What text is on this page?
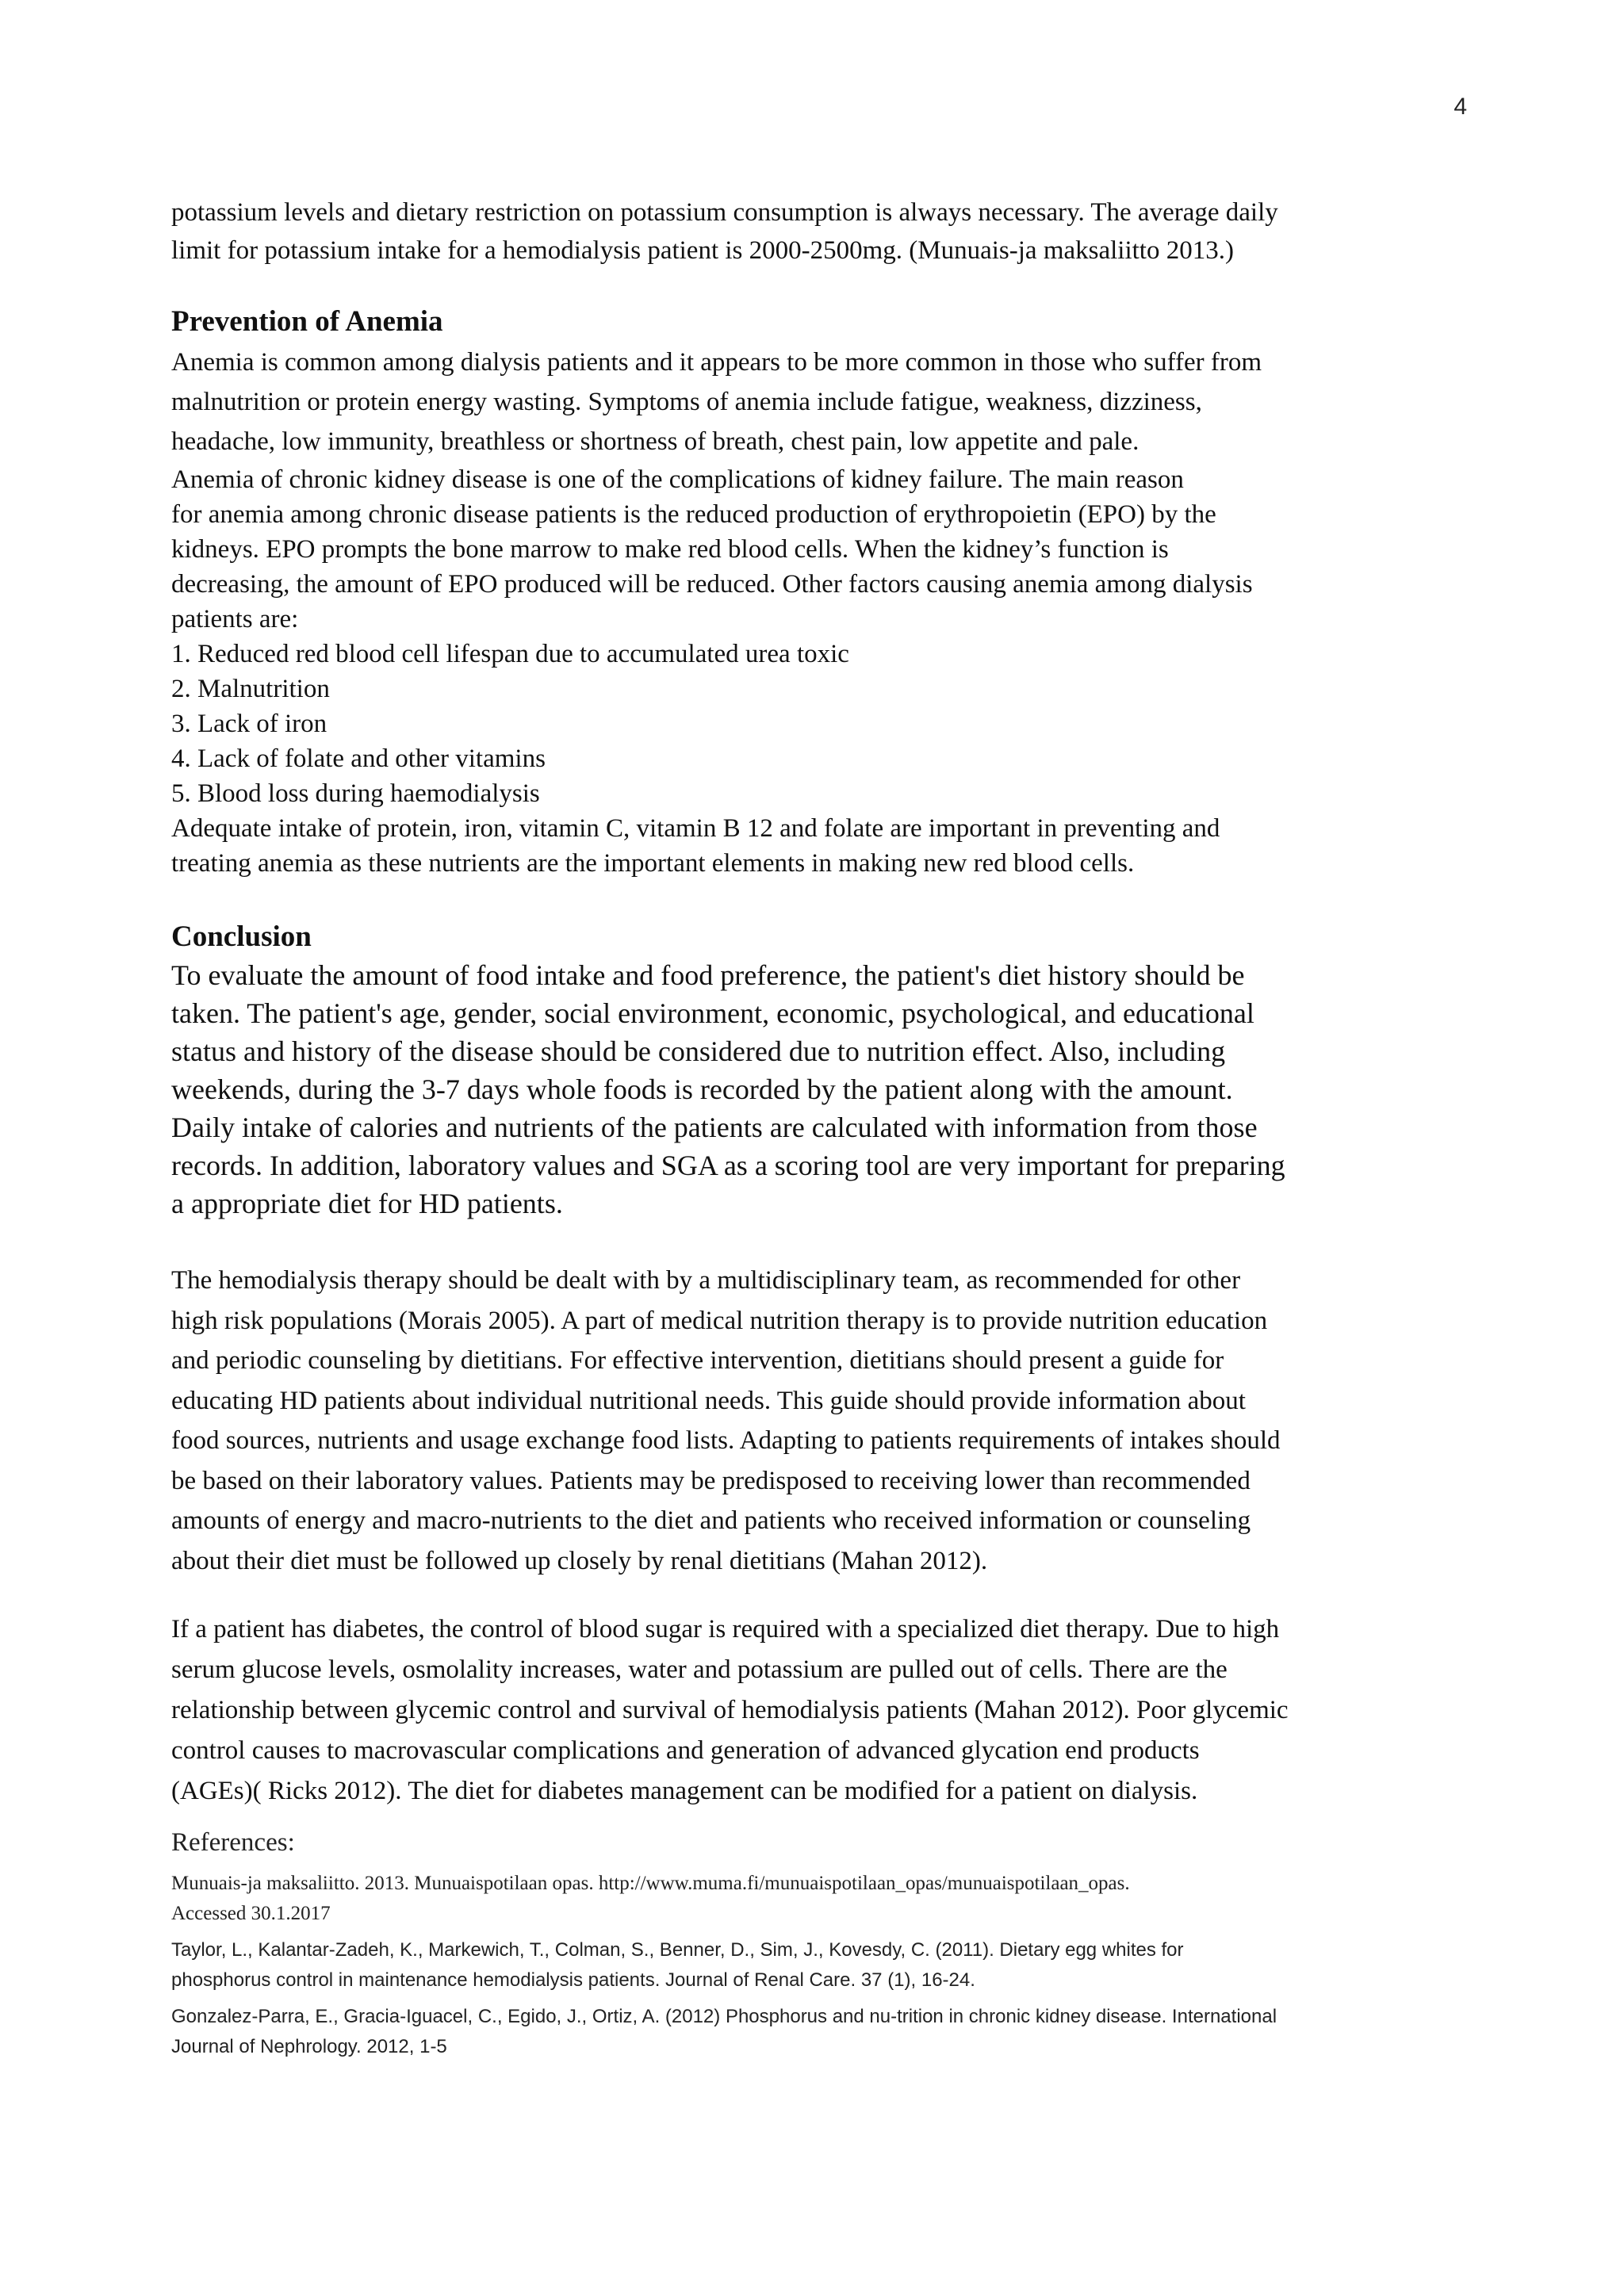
4
potassium levels and dietary restriction on potassium consumption is always necessary. The average daily
limit for potassium intake for a hemodialysis patient is 2000-2500mg. (Munuais-ja maksaliitto 2013.)
Prevention of Anemia
Anemia is common among dialysis patients and it appears to be more common in those who suffer from
malnutrition or protein energy wasting. Symptoms of anemia include fatigue, weakness, dizziness,
headache, low immunity, breathless or shortness of breath, chest pain, low appetite and pale.
Anemia of chronic kidney disease is one of the complications of kidney failure. The main reason
for anemia among chronic disease patients is the reduced production of erythropoietin (EPO) by the
kidneys. EPO prompts the bone marrow to make red blood cells. When the kidney’s function is
decreasing, the amount of EPO produced will be reduced. Other factors causing anemia among dialysis
patients are:
1. Reduced red blood cell lifespan due to accumulated urea toxic
2. Malnutrition
3. Lack of iron
4. Lack of folate and other vitamins
5. Blood loss during haemodialysis
Adequate intake of protein, iron, vitamin C, vitamin B 12 and folate are important in preventing and
treating anemia as these nutrients are the important elements in making new red blood cells.
Conclusion
To evaluate the amount of food intake and food preference, the patient's diet history should be
taken. The patient's age, gender, social environment, economic, psychological, and educational
status and history of the disease should be considered due to nutrition effect. Also, including
weekends, during the 3-7 days whole foods is recorded by the patient along with the amount.
Daily intake of calories and nutrients of the patients are calculated with information from those
records. In addition, laboratory values and SGA as a scoring tool are very important for preparing
a appropriate diet for HD patients.
The hemodialysis therapy should be dealt with by a multidisciplinary team, as recommended for other
high risk populations (Morais 2005). A part of medical nutrition therapy is to provide nutrition education
and periodic counseling by dietitians. For effective intervention, dietitians should present a guide for
educating HD patients about individual nutritional needs. This guide should provide information about
food sources, nutrients and usage exchange food lists. Adapting to patients requirements of intakes should
be based on their laboratory values. Patients may be predisposed to receiving lower than recommended
amounts of energy and macro-nutrients to the diet and patients who received information or counseling
about their diet must be followed up closely by renal dietitians (Mahan 2012).
If a patient has diabetes, the control of blood sugar is required with a specialized diet therapy. Due to high
serum glucose levels, osmolality increases, water and potassium are pulled out of cells. There are the
relationship between glycemic control and survival of hemodialysis patients (Mahan 2012). Poor glycemic
control causes to macrovascular complications and generation of advanced glycation end products
(AGEs)( Ricks 2012). The diet for diabetes management can be modified for a patient on dialysis.

References:

Munuais-ja maksaliitto. 2013. Munuaispotilaan opas. http://www.muma.fi/munuaispotilaan_opas/munuaispotilaan_opas.
Accessed 30.1.2017

Taylor, L., Kalantar-Zadeh, K., Markewich, T., Colman, S., Benner, D., Sim, J., Kovesdy, C. (2011). Dietary egg whites for
phosphorus control in maintenance hemodialysis patients. Journal of Renal Care. 37 (1), 16-24.

Gonzalez-Parra, E., Gracia-Iguacel, C., Egido, J., Ortiz, A. (2012) Phosphorus and nu-trition in chronic kidney disease. International
Journal of Nephrology. 2012, 1-5
